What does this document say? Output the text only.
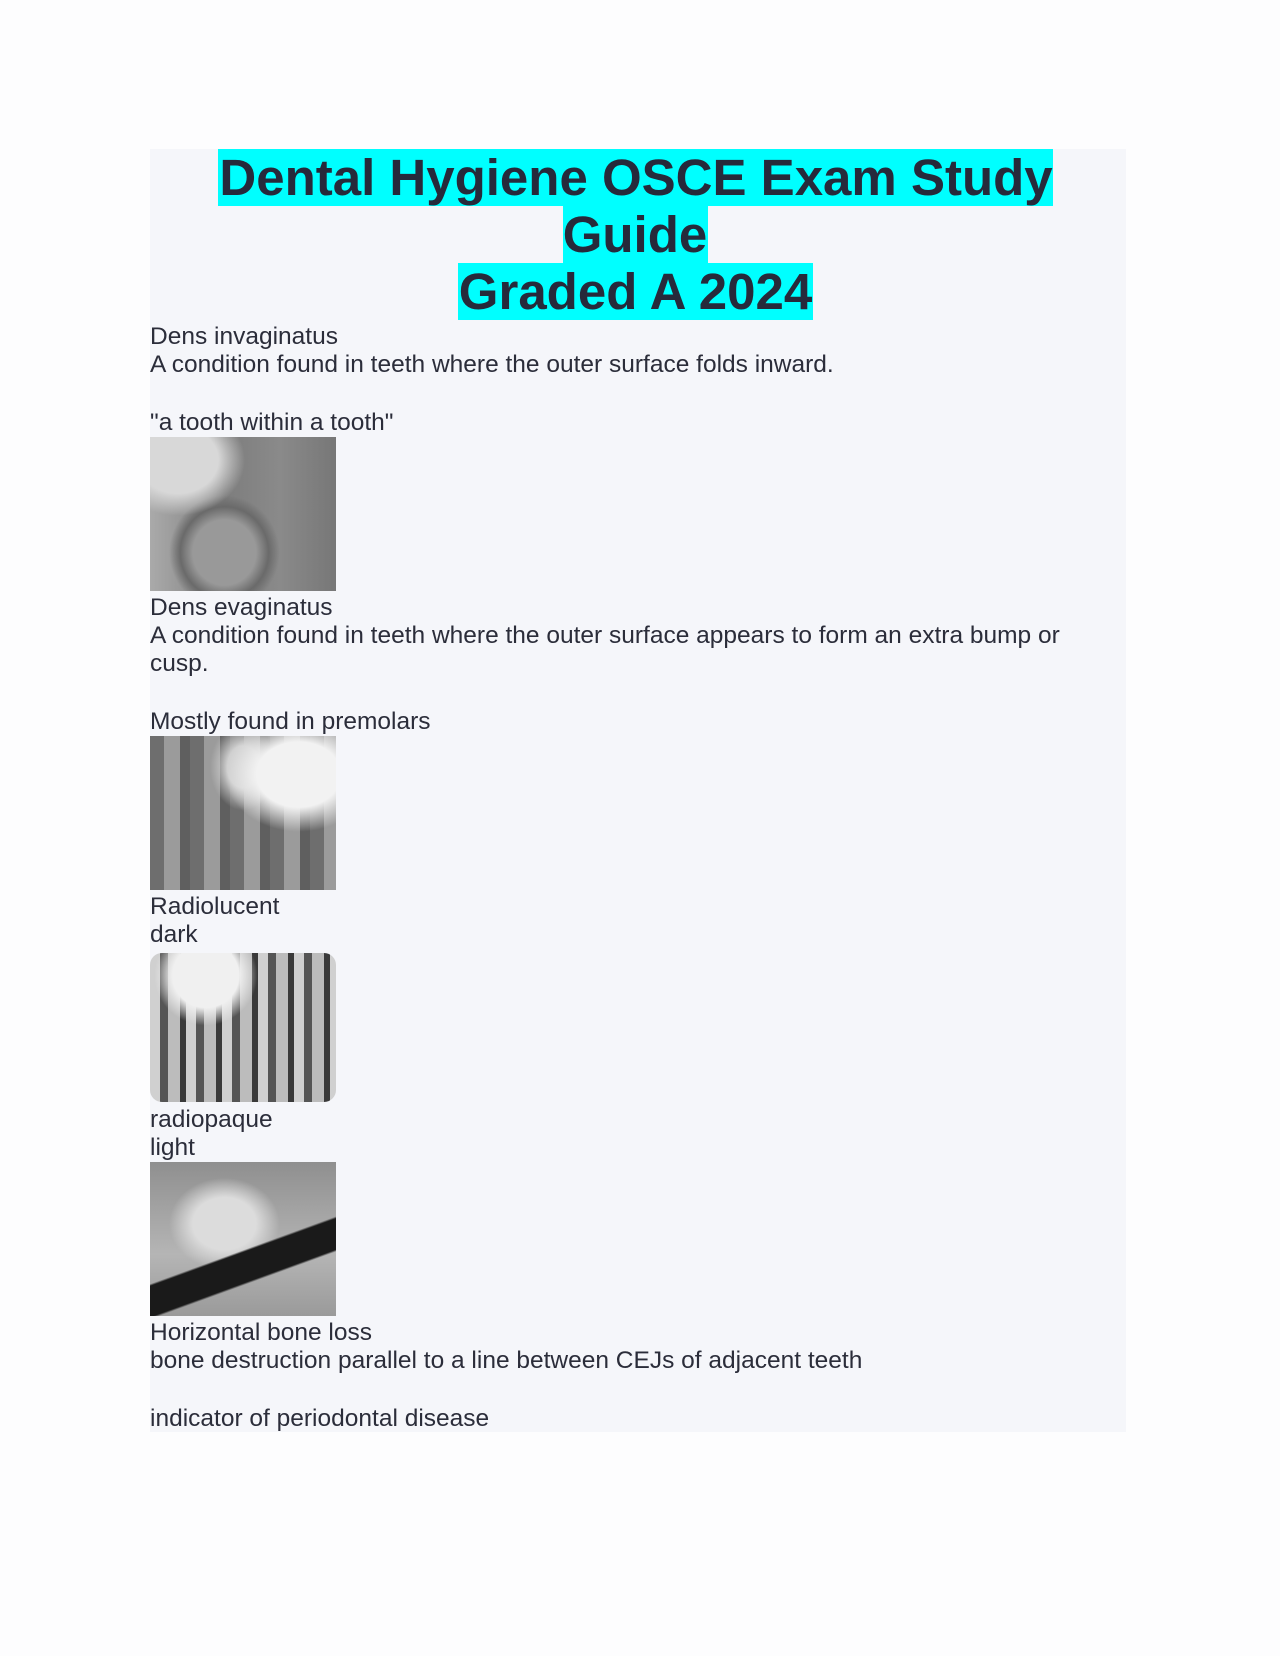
Dental Hygiene OSCE Exam Study Guide
Graded A 2024
Dens invaginatus
A condition found in teeth where the outer surface folds inward.
"a tooth within a tooth"
Dens evaginatus
A condition found in teeth where the outer surface appears to form an extra bump or
cusp.
Mostly found in premolars
Radiolucent
dark
radiopaque
light
Horizontal bone loss
bone destruction parallel to a line between CEJs of adjacent teeth
indicator of periodontal disease
